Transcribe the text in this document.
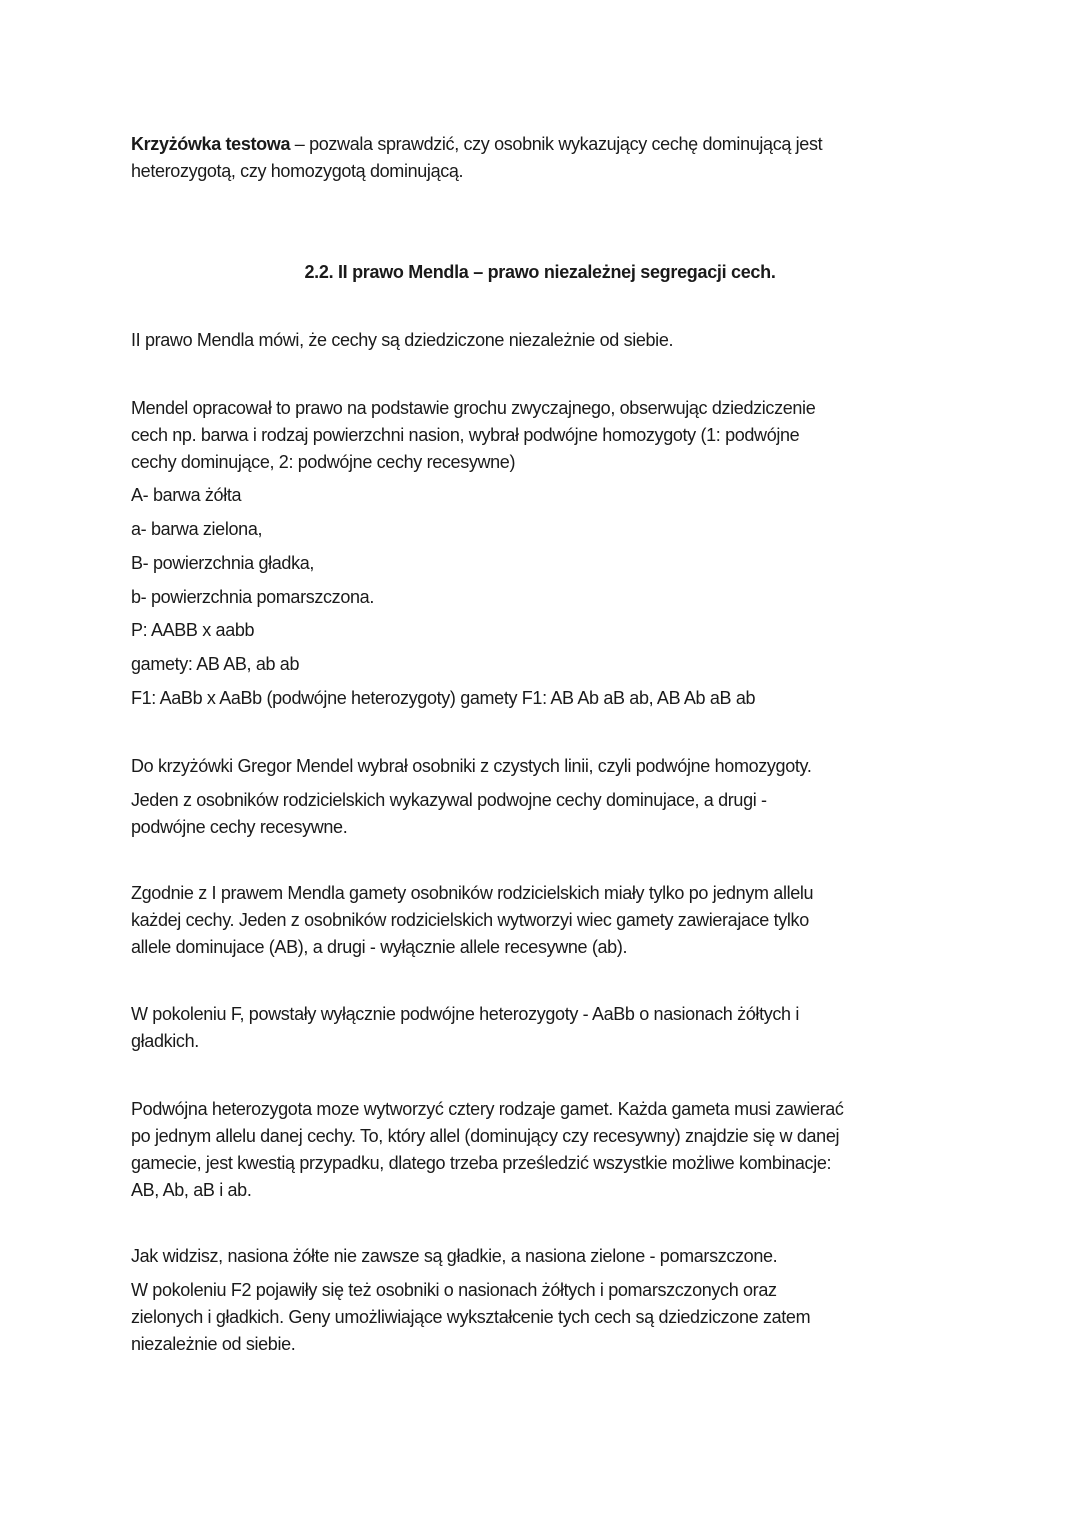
Krzyżówka testowa – pozwala sprawdzić, czy osobnik wykazujący cechę dominującą jest
heterozygotą, czy homozygotą dominującą.
2.2. II prawo Mendla – prawo niezależnej segregacji cech.
II prawo Mendla mówi, że cechy są dziedziczone niezależnie od siebie.
Mendel opracował to prawo na podstawie grochu zwyczajnego, obserwując dziedziczenie
cech np. barwa i rodzaj powierzchni nasion, wybrał podwójne homozygoty (1: podwójne
cechy dominujące, 2: podwójne cechy recesywne)
A- barwa żółta
a- barwa zielona,
B- powierzchnia gładka,
b- powierzchnia pomarszczona.
P: AABB x aabb
gamety: AB AB, ab ab
F1: AaBb x AaBb (podwójne heterozygoty) gamety F1: AB Ab aB ab, AB Ab aB ab
Do krzyżówki Gregor Mendel wybrał osobniki z czystych linii, czyli podwójne homozygoty.
Jeden z osobników rodzicielskich wykazywal podwojne cechy dominujace, a drugi -
podwójne cechy recesywne.
Zgodnie z I prawem Mendla gamety osobników rodzicielskich miały tylko po jednym allelu
każdej cechy. Jeden z osobników rodzicielskich wytworzyi wiec gamety zawierajace tylko
allele dominujace (AB), a drugi - wyłącznie allele recesywne (ab).
W pokoleniu F, powstały wyłącznie podwójne heterozygoty - AaBb o nasionach żółtych i
gładkich.
Podwójna heterozygota moze wytworzyć cztery rodzaje gamet. Każda gameta musi zawierać
po jednym allelu danej cechy. To, który allel (dominujący czy recesywny) znajdzie się w danej
gamecie, jest kwestią przypadku, dlatego trzeba prześledzić wszystkie możliwe kombinacje:
AB, Ab, aB i ab.
Jak widzisz, nasiona żółte nie zawsze są gładkie, a nasiona zielone - pomarszczone.
W pokoleniu F2 pojawiły się też osobniki o nasionach żółtych i pomarszczonych oraz
zielonych i gładkich. Geny umożliwiające wykształcenie tych cech są dziedziczone zatem
niezależnie od siebie.
